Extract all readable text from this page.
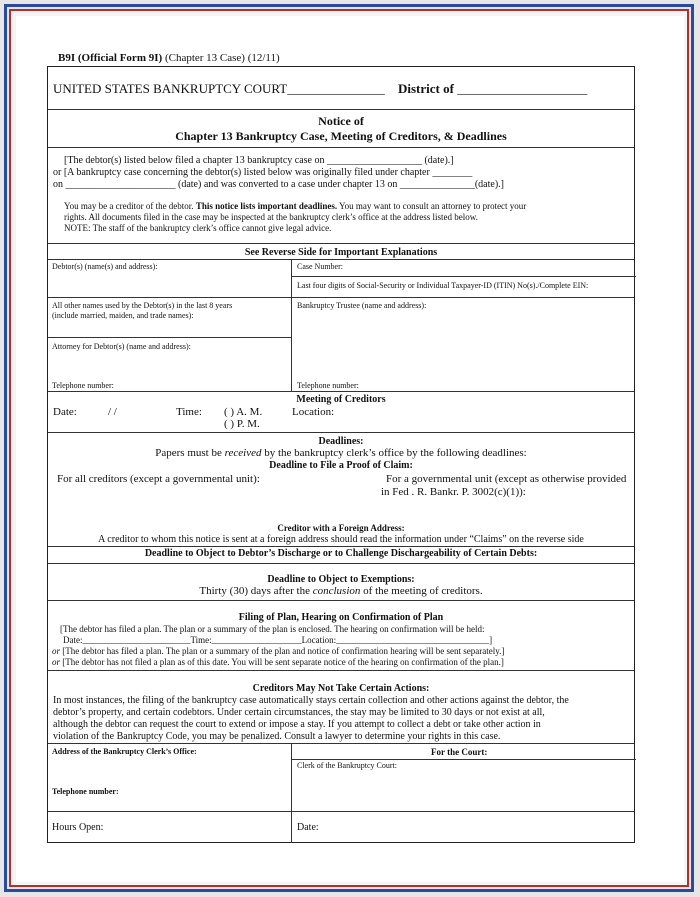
B9I (Official Form 9I) (Chapter 13 Case) (12/11)
UNITED STATES BANKRUPTCY COURT_______________ District of ____________________
Notice of
Chapter 13 Bankruptcy Case, Meeting of Creditors, & Deadlines
[The debtor(s) listed below filed a chapter 13 bankruptcy case on ___________________ (date).]
or [A bankruptcy case concerning the debtor(s) listed below was originally filed under chapter ________
on ______________________ (date) and was converted to a case under chapter 13 on _______________(date).]
You may be a creditor of the debtor. This notice lists important deadlines. You may want to consult an attorney to protect your
rights. All documents filed in the case may be inspected at the bankruptcy clerk’s office at the address listed below.
NOTE: The staff of the bankruptcy clerk’s office cannot give legal advice.
See Reverse Side for Important Explanations
Debtor(s) (name(s) and address):	Case Number:
Last four digits of Social-Security or Individual Taxpayer-ID (ITIN) No(s)./Complete EIN:
All other names used by the Debtor(s) in the last 8 years
(include married, maiden, and trade names):
Bankruptcy Trustee (name and address):
Attorney for Debtor(s) (name and address):
Telephone number:	Telephone number:
Meeting of Creditors
Date:	/ /	Time: ( ) A. M.
( ) P. M.
Location:
Deadlines:
Papers must be received by the bankruptcy clerk’s office by the following deadlines:
Deadline to File a Proof of Claim:
For all creditors (except a governmental unit):	For a governmental unit (except as otherwise provided
in Fed . R. Bankr. P. 3002(c)(1)):
Creditor with a Foreign Address:
A creditor to whom this notice is sent at a foreign address should read the information under “Claims” on the reverse side
Deadline to Object to Debtor’s Discharge or to Challenge Dischargeability of Certain Debts:
Deadline to Object to Exemptions:
Thirty (30) days after the conclusion of the meeting of creditors.
Filing of Plan, Hearing on Confirmation of Plan
[The debtor has filed a plan. The plan or a summary of the plan is enclosed. The hearing on confirmation will be held:
Date:________________________Time:____________________Location:__________________________________]
or [The debtor has filed a plan. The plan or a summary of the plan and notice of confirmation hearing will be sent separately.]
or [The debtor has not filed a plan as of this date. You will be sent separate notice of the hearing on confirmation of the plan.]
Creditors May Not Take Certain Actions:
In most instances, the filing of the bankruptcy case automatically stays certain collection and other actions against the debtor, the
debtor’s property, and certain codebtors. Under certain circumstances, the stay may be limited to 30 days or not exist at all,
although the debtor can request the court to extend or impose a stay. If you attempt to collect a debt or take other action in
violation of the Bankruptcy Code, you may be penalized. Consult a lawyer to determine your rights in this case.
Address of the Bankruptcy Clerk’s Office:	For the Court:
Clerk of the Bankruptcy Court:
Telephone number:
Hours Open:	Date:
